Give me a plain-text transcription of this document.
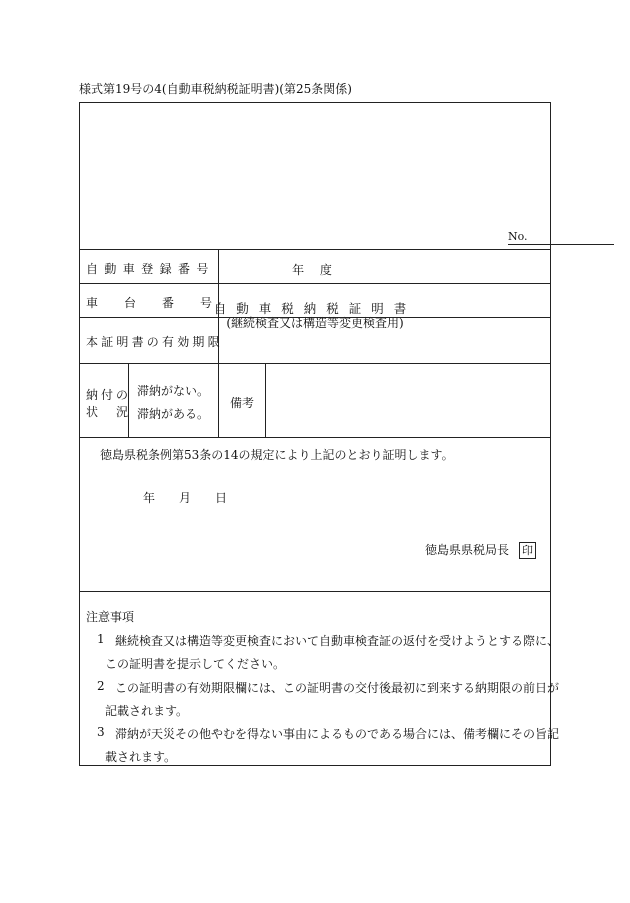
様式第19号の4(自動車税納税証明書)(第25条関係)
No.
年 度
自動車税納税証明書
(継続検査又は構造等変更検査用)
自動車登録番号
車 台 番 号
本証明書の有効期限
納付の
状　況
滞納がない。
滞納がある。
備考
徳島県税条例第53条の14の規定により上記のとおり証明します。
年 月 日
徳島県県税局長 印
注意事項
1 継続検査又は構造等変更検査において自動車検査証の返付を受けようとする際に、
この証明書を提示してください。
2 この証明書の有効期限欄には、この証明書の交付後最初に到来する納期限の前日が
記載されます。
3 滞納が天災その他やむを得ない事由によるものである場合には、備考欄にその旨記
載されます。
